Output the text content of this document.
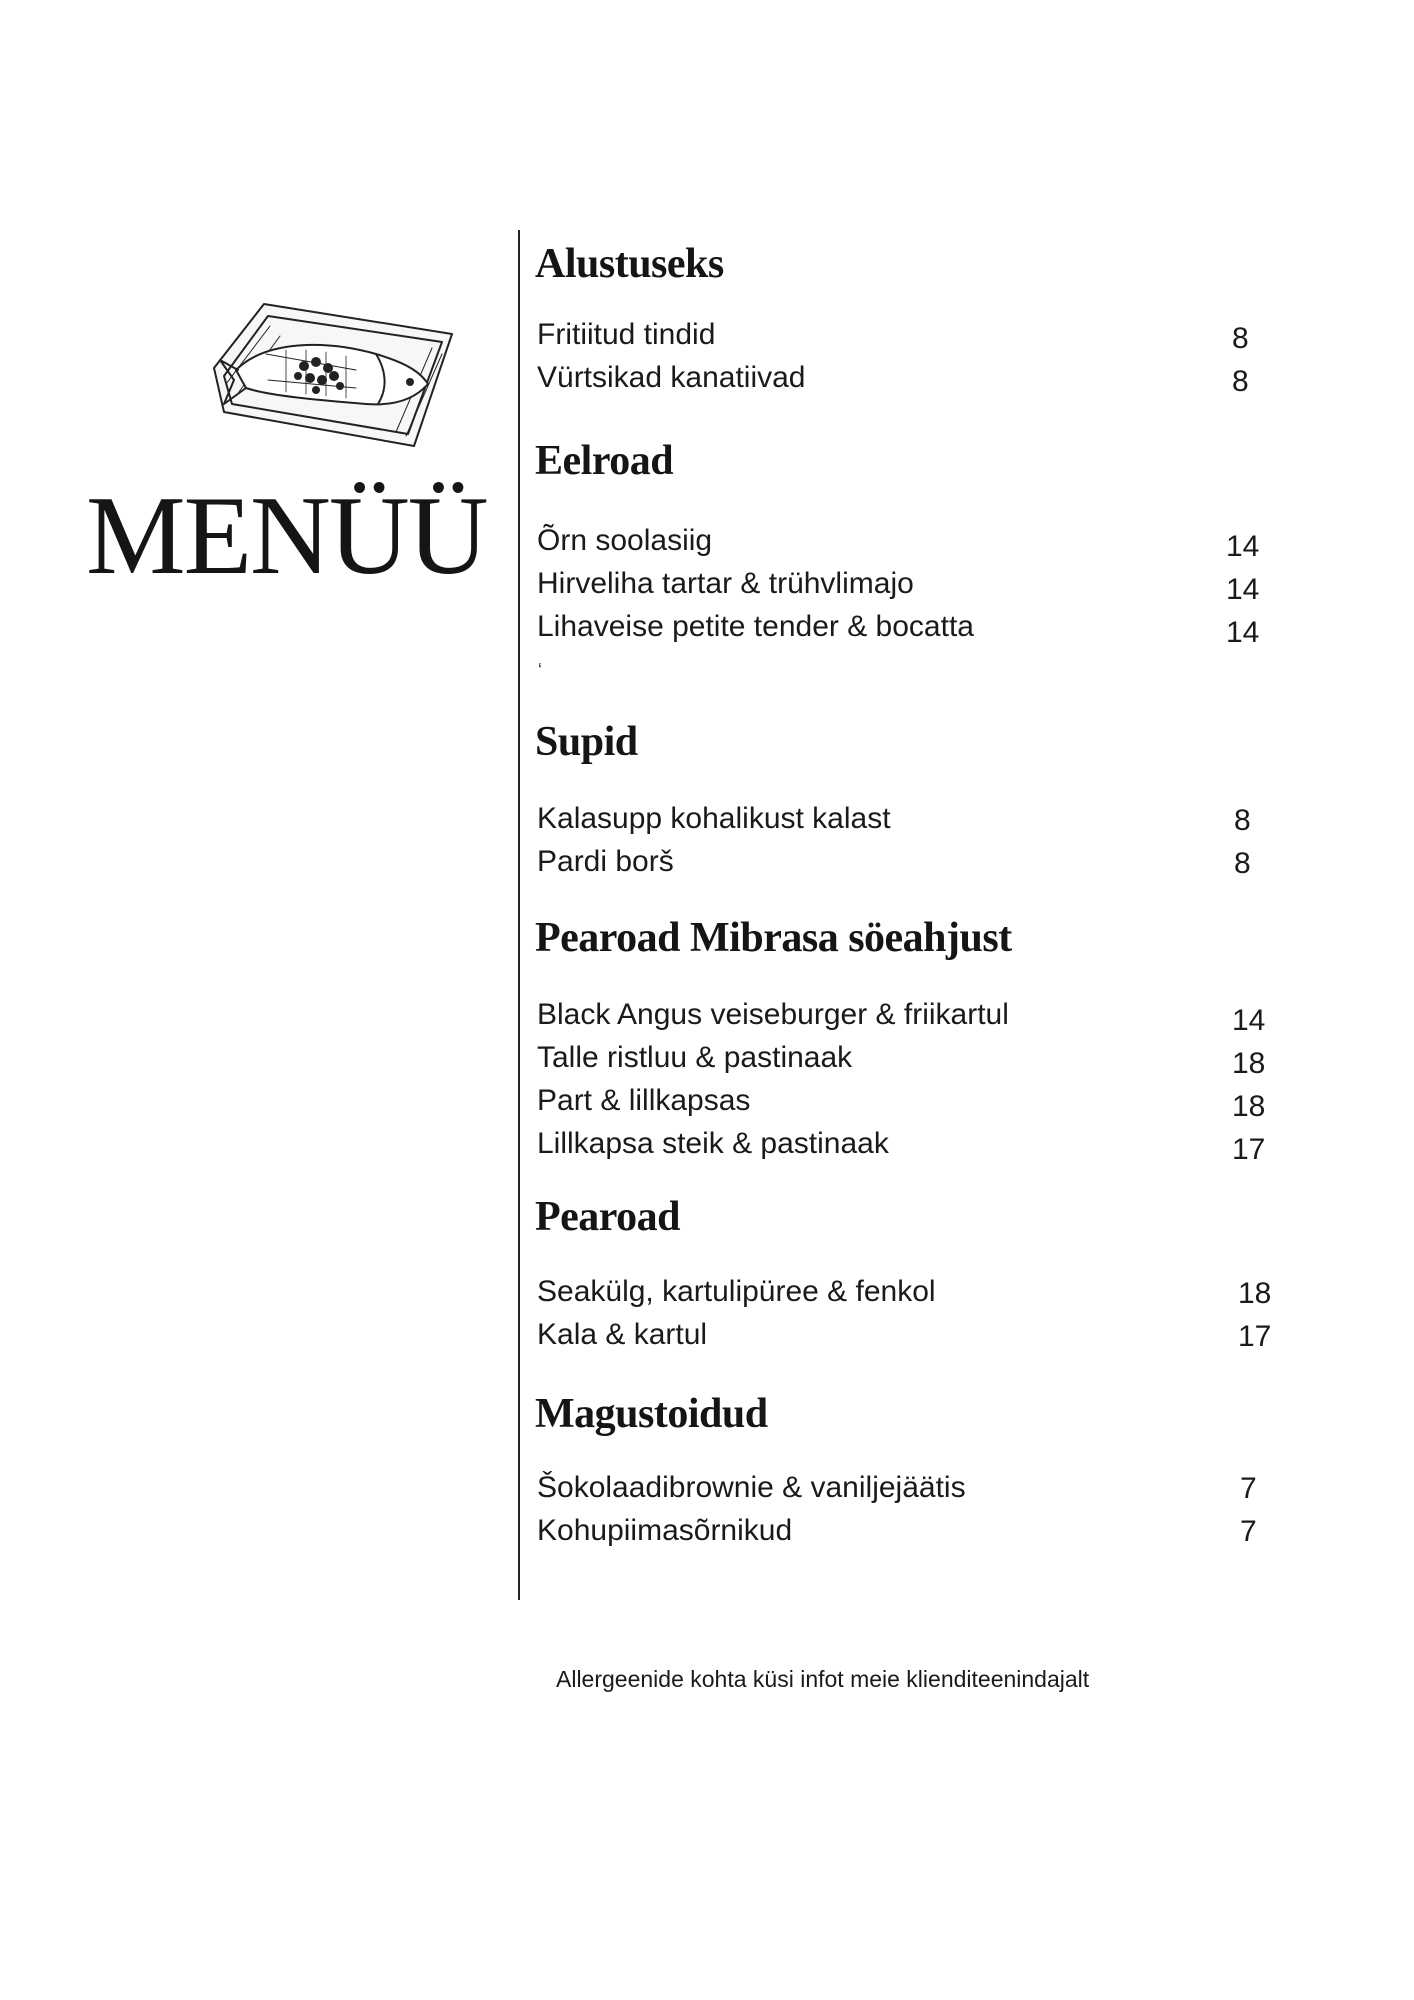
MENÜÜ
Alustuseks
Fritiitud tindid	8
Vürtsikad kanatiivad	8
Eelroad
Õrn soolasiig	14
Hirveliha tartar & trühvlimajo	14
Lihaveise petite tender & bocatta	14
‘
Supid
Kalasupp kohalikust kalast	8
Pardi borš	8
Pearoad Mibrasa söeahjust
Black Angus veiseburger & friikartul	14
Talle ristluu & pastinaak	18
Part & lillkapsas	18
Lillkapsa steik & pastinaak	17
Pearoad
Seakülg, kartulipüree & fenkol	18
Kala & kartul	17
Magustoidud
Šokolaadibrownie & vaniljejäätis	7
Kohupiimasõrnikud	7
Allergeenide kohta küsi infot meie klienditeenindajalt
